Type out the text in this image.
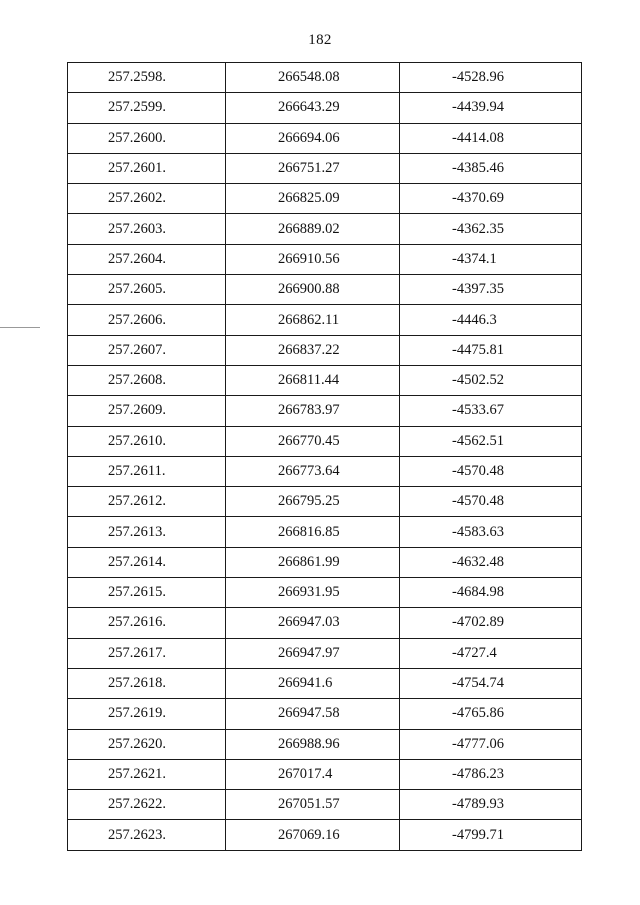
182
257.2598.	266548.08	-4528.96
257.2599.	266643.29	-4439.94
257.2600.	266694.06	-4414.08
257.2601.	266751.27	-4385.46
257.2602.	266825.09	-4370.69
257.2603.	266889.02	-4362.35
257.2604.	266910.56	-4374.1
257.2605.	266900.88	-4397.35
257.2606.	266862.11	-4446.3
257.2607.	266837.22	-4475.81
257.2608.	266811.44	-4502.52
257.2609.	266783.97	-4533.67
257.2610.	266770.45	-4562.51
257.2611.	266773.64	-4570.48
257.2612.	266795.25	-4570.48
257.2613.	266816.85	-4583.63
257.2614.	266861.99	-4632.48
257.2615.	266931.95	-4684.98
257.2616.	266947.03	-4702.89
257.2617.	266947.97	-4727.4
257.2618.	266941.6	-4754.74
257.2619.	266947.58	-4765.86
257.2620.	266988.96	-4777.06
257.2621.	267017.4	-4786.23
257.2622.	267051.57	-4789.93
257.2623.	267069.16	-4799.71
